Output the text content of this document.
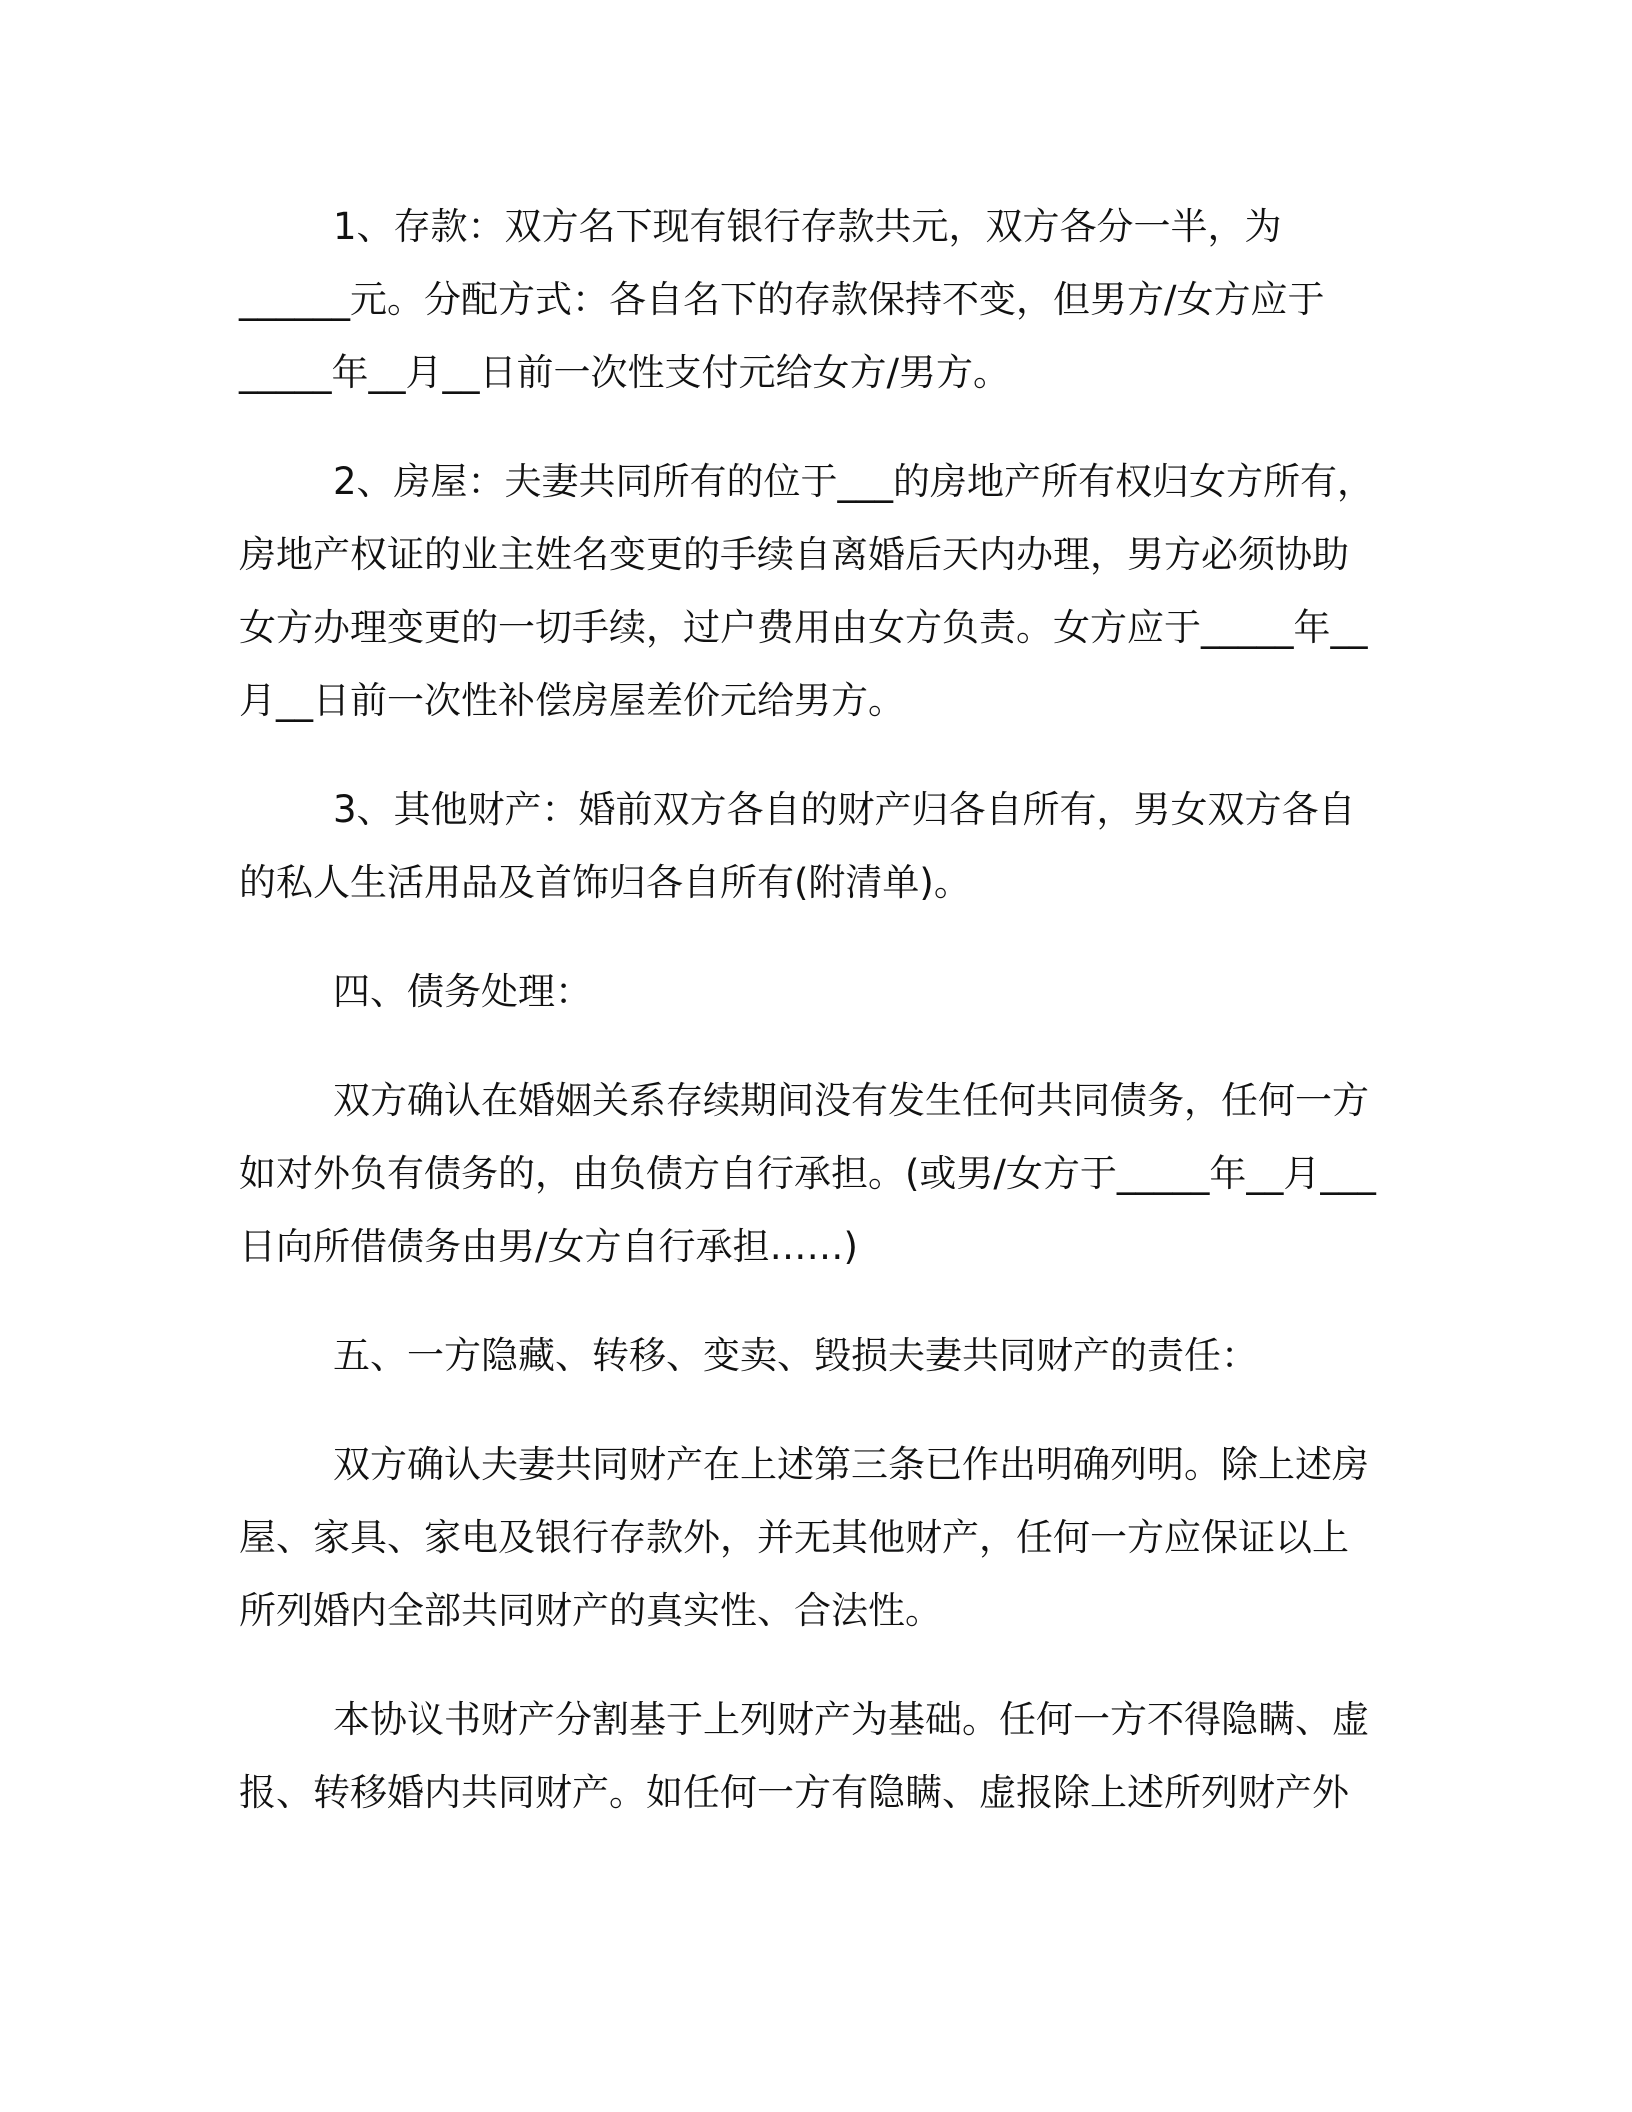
1、存款：双方名下现有银行存款共元，双方各分一半，为
______元。分配方式：各自名下的存款保持不变，但男方/女方应于
_____年__月__日前一次性支付元给女方/男方。
2、房屋：夫妻共同所有的位于___的房地产所有权归女方所有，
房地产权证的业主姓名变更的手续自离婚后天内办理，男方必须协助
女方办理变更的一切手续，过户费用由女方负责。女方应于_____年__
月__日前一次性补偿房屋差价元给男方。
3、其他财产：婚前双方各自的财产归各自所有，男女双方各自
的私人生活用品及首饰归各自所有(附清单)。
四、债务处理：
双方确认在婚姻关系存续期间没有发生任何共同债务，任何一方
如对外负有债务的，由负债方自行承担。(或男/女方于_____年__月___
日向所借债务由男/女方自行承担……)
五、一方隐藏、转移、变卖、毁损夫妻共同财产的责任：
双方确认夫妻共同财产在上述第三条已作出明确列明。除上述房
屋、家具、家电及银行存款外，并无其他财产，任何一方应保证以上
所列婚内全部共同财产的真实性、合法性。
本协议书财产分割基于上列财产为基础。任何一方不得隐瞒、虚
报、转移婚内共同财产。如任何一方有隐瞒、虚报除上述所列财产外
